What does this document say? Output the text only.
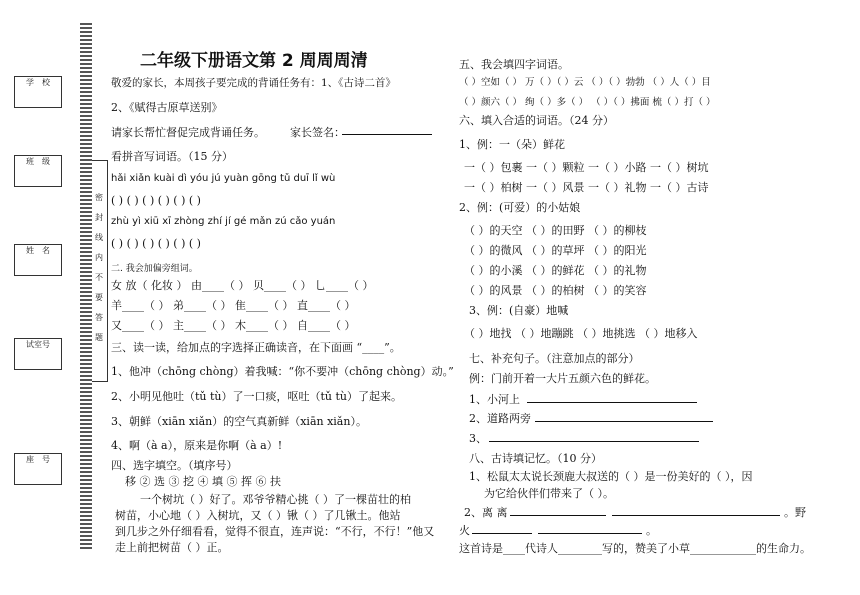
学　校
班　级
姓　名
试室号
座　号
密
封
线
内
不
要
答
题
二年级下册语文第 2 周周周清
敬爱的家长，本周孩子要完成的背诵任务有：1、《古诗二首》
2、《赋得古原草送别》
请家长帮忙督促完成背诵任务。 家长签名：
看拼音写词语。（15 分）
hǎi xiǎn kuài dì yóu jú yuàn gōng tǔ duī lǐ wù
( ) ( ) ( ) ( ) ( ) ( )
zhù yì xiū xī zhòng zhí jí gé mǎn zú cǎo yuán
( ) ( ) ( ) ( ) ( ) ( )
二. 我会加偏旁组词。
女 放（ 化妆 ） 由____（ ） 贝____（ ） 乚____（ ）
羊____（ ） 弟____（ ） 隹____（ ） 直____（ ）
又____（ ） 主____（ ） 木____（ ） 自____（ ）
三、读一读，给加点的字选择正确读音，在下面画 “____”。
1、他冲（chōng chòng）着我喊：“你不要冲（chōng chòng）动。”
2、小明见他吐（tǔ tù）了一口痰，呕吐（tǔ tù）了起来。
3、朝鲜（xiān xiǎn）的空气真新鲜（xiān xiǎn）。
4、啊（à a），原来是你啊（à a）!
四、选字填空。（填序号）
移 ② 选 ③ 挖 ④ 填 ⑤ 挥 ⑥ 扶
一个树坑（ ）好了。邓爷爷精心挑（ ）了一棵苗壮的柏
树苗，小心地（ ）入树坑，又（ ）锹（ ）了几锹土。他站
到几步之外仔细看看，觉得不很直，连声说：“不行，不行！”他又
走上前把树苗（ ）正。
五、我会填四字词语。
（ ）空如（ ） 万（ ）（ ）云 （ ）（ ）勃勃 （ ）人（ ）目
（ ）颜六（ ） 绚（ ）多（ ） （ ）（ ）拂面 梳（ ）打（ ）
六、填入合适的词语。（24 分）
1、例：一（朵）鲜花
一（ ）包裹 一（ ）颗粒 一（ ）小路 一（ ）树坑
一（ ）柏树 一（ ）风景 一（ ）礼物 一（ ）古诗
2、例：(可爱）的小姑娘
（ ）的天空 （ ）的田野 （ ）的柳枝
（ ）的微风 （ ）的草坪 （ ）的阳光
（ ）的小溪 （ ）的鲜花 （ ）的礼物
（ ）的风景 （ ）的柏树 （ ）的笑容
3、例：(自豪）地喊
（ ）地找 （ ）地蹦跳 （ ）地挑选 （ ）地移入
七、补充句子。（注意加点的部分）
例：门前开着一大片五颜六色的鲜花。
1、小河上
2、道路两旁
3、
八、古诗填记忆。（10 分）
1、松鼠太太说长颈鹿大叔送的（ ）是一份美好的（ ），因
为它给伙伴们带来了（ ）。
2、离 离	。野
火	。
这首诗是____代诗人________写的，赞美了小草____________的生命力。
